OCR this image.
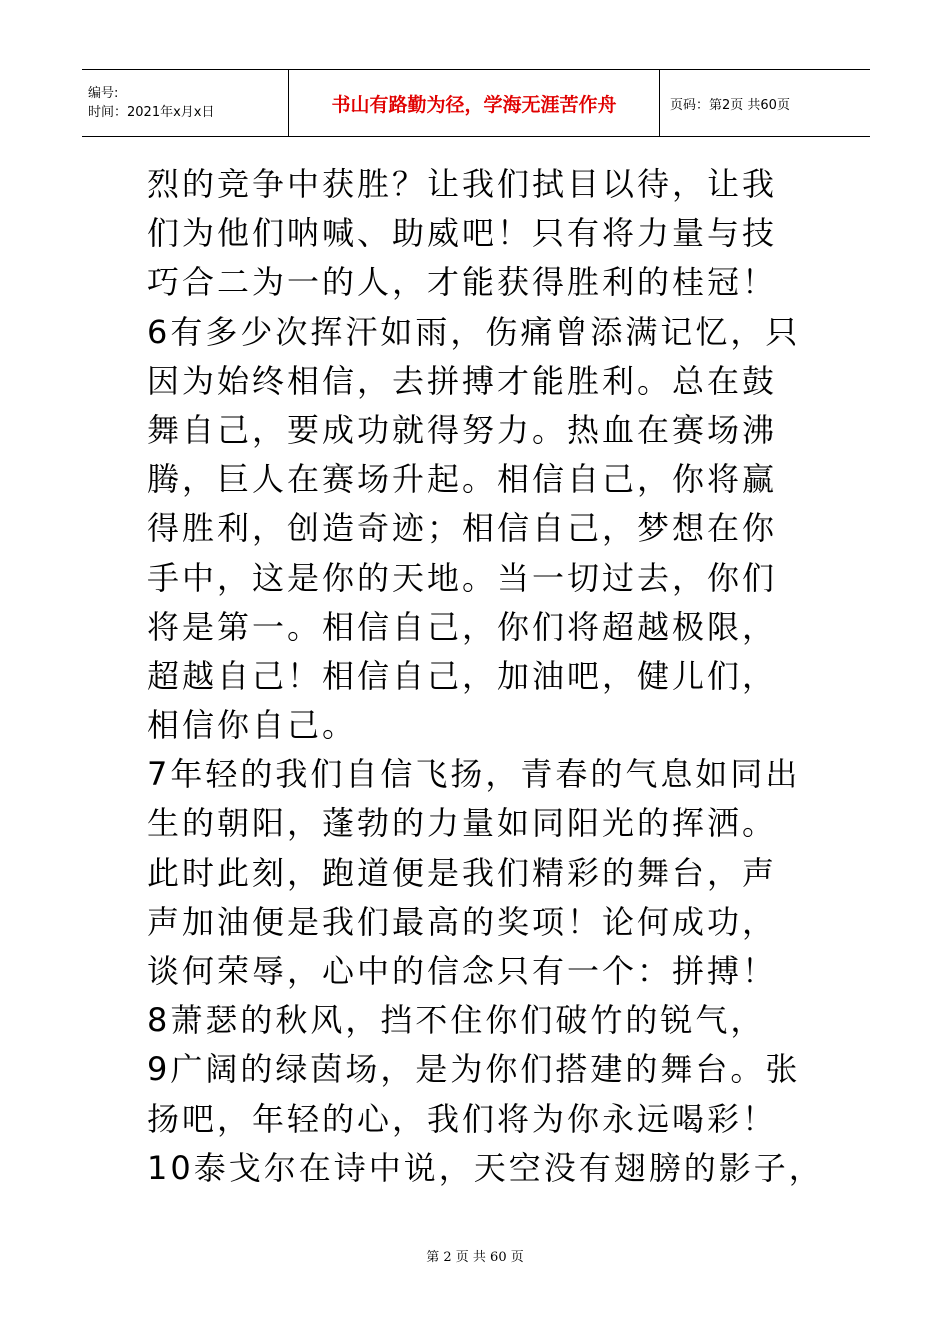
编号:
时间：2021年x月x日	书山有路勤为径，学海无涯苦作舟	页码：第2页 共60页
烈的竞争中获胜？让我们拭目以待，让我
们为他们呐喊、助威吧！只有将力量与技
巧合二为一的人，才能获得胜利的桂冠！
6有多少次挥汗如雨，伤痛曾添满记忆，只
因为始终相信，去拼搏才能胜利。总在鼓
舞自己，要成功就得努力。热血在赛场沸
腾，巨人在赛场升起。相信自己，你将赢
得胜利，创造奇迹；相信自己，梦想在你
手中，这是你的天地。当一切过去，你们
将是第一。相信自己，你们将超越极限，
超越自己！相信自己，加油吧，健儿们，
相信你自己。
7年轻的我们自信飞扬，青春的气息如同出
生的朝阳，蓬勃的力量如同阳光的挥洒。
此时此刻，跑道便是我们精彩的舞台，声
声加油便是我们最高的奖项！论何成功，
谈何荣辱，心中的信念只有一个：拼搏！
8萧瑟的秋风，挡不住你们破竹的锐气，
9广阔的绿茵场，是为你们搭建的舞台。张
扬吧，年轻的心，我们将为你永远喝彩！
10泰戈尔在诗中说，天空没有翅膀的影子，
第 2 页 共 60 页
